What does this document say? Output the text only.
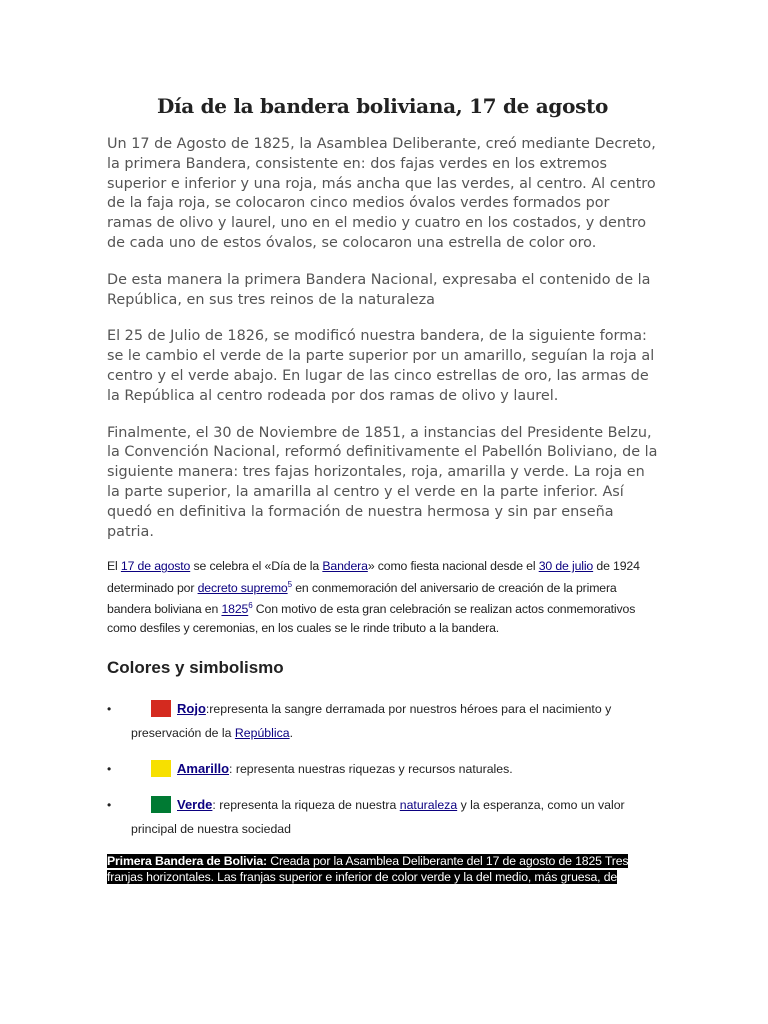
Día de la bandera boliviana, 17 de agosto

Un 17 de Agosto de 1825, la Asamblea Deliberante, creó mediante Decreto, la primera Bandera, consistente en: dos fajas verdes en los extremos superior e inferior y una roja, más ancha que las verdes, al centro. Al centro de la faja roja, se colocaron cinco medios óvalos verdes formados por ramas de olivo y laurel, uno en el medio y cuatro en los costados, y dentro de cada uno de estos óvalos, se colocaron una estrella de color oro.

De esta manera la primera Bandera Nacional, expresaba el contenido de la República, en sus tres reinos de la naturaleza

El 25 de Julio de 1826, se modificó nuestra bandera, de la siguiente forma: se le cambio el verde de la parte superior por un amarillo, seguían la roja al centro y el verde abajo. En lugar de las cinco estrellas de oro, las armas de la República al centro rodeada por dos ramas de olivo y laurel.

Finalmente, el 30 de Noviembre de 1851, a instancias del Presidente Belzu, la Convención Nacional, reformó definitivamente el Pabellón Boliviano, de la siguiente manera: tres fajas horizontales, roja, amarilla y verde. La roja en la parte superior, la amarilla al centro y el verde en la parte inferior. Así quedó en definitiva la formación de nuestra hermosa y sin par enseña patria.

El 17 de agosto se celebra el «Día de la Bandera» como fiesta nacional desde el 30 de julio de 1924 determinado por decreto supremo$^5$ en conmemoración del aniversario de creación de la primera bandera boliviana en 1825$^6$ Con motivo de esta gran celebración se realizan actos conmemorativos como desfiles y ceremonias, en los cuales se le rinde tributo a la bandera.

Colores y simbolismo
•	Rojo:representa la sangre derramada por nuestros héroes para el nacimiento y preservación de la República.
•	Amarillo: representa nuestras riquezas y recursos naturales.
•	Verde: representa la riqueza de nuestra naturaleza y la esperanza, como un valor principal de nuestra sociedad

Primera Bandera de Bolivia: Creada por la Asamblea Deliberante del 17 de agosto de 1825 Tres franjas horizontales. Las franjas superior e inferior de color verde y la del medio, más gruesa, de
